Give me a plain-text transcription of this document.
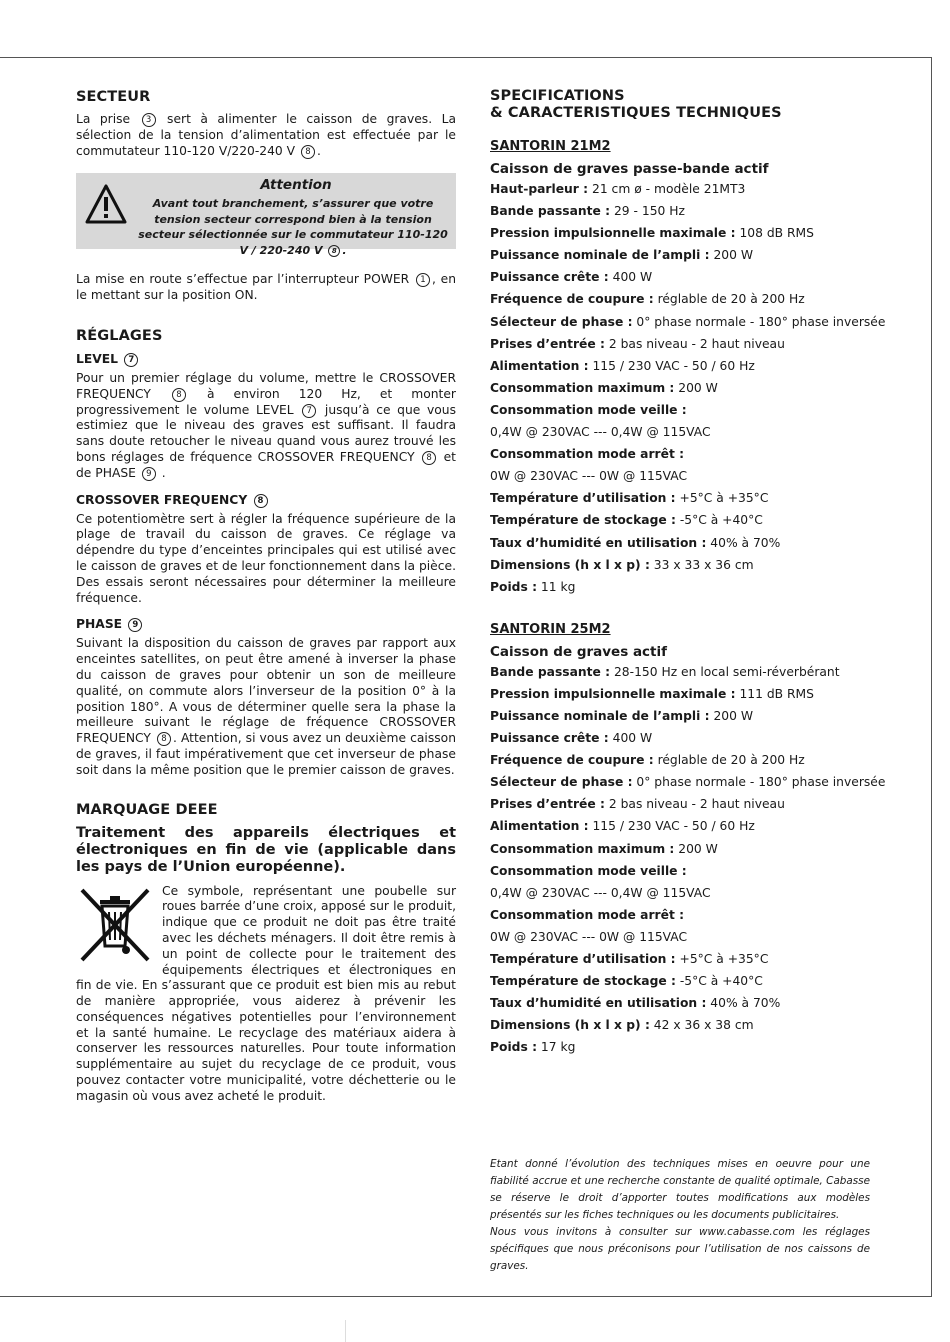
SECTEUR

La prise 3 sert à alimenter le caisson de graves. La sélection de la tension d’alimentation est effectuée par le commutateur 110-120 V/220-240 V 8 .

Attention
Avant tout branchement, s’assurer que votre tension secteur correspond bien à la tension secteur sélectionnée sur le commutateur 110-120 V / 220-240 V 8 .

La mise en route s’effectue par l’interrupteur POWER 1 , en le mettant sur la position ON.

RÉGLAGES
LEVEL 7

Pour un premier réglage du volume, mettre le CROSSOVER FREQUENCY	8 à environ 120 Hz, et monter progressivement le volume LEVEL 7 jusqu’à ce que vous estimiez que le niveau des graves est suffisant. Il faudra sans doute retoucher le niveau quand vous aurez trouvé les bons réglages de fréquence CROSSOVER FREQUENCY 8 et de PHASE 9 .

CROSSOVER FREQUENCY 8

Ce potentiomètre sert à régler la fréquence supérieure de la plage de travail du caisson de graves. Ce réglage va dépendre du type d’enceintes principales qui est utilisé avec le caisson de graves et de leur fonctionnement dans la pièce. Des essais seront nécessaires pour déterminer la meilleure fréquence.

PHASE 9

Suivant la disposition du caisson de graves par rapport aux enceintes satellites, on peut être amené à inverser la phase du caisson de graves pour obtenir un son de meilleure qualité, on commute alors l’inverseur de la position 0° à la position 180°. A vous de déterminer quelle sera la phase la meilleure suivant le réglage de fréquence CROSSOVER FREQUENCY 8 . Attention, si vous avez un deuxième caisson de graves, il faut impérativement que cet inverseur de phase soit dans la même position que le premier caisson de graves.

MARQUAGE DEEE
Traitement des appareils électriques et électroniques en fin de vie (applicable dans les pays de l’Union européenne).

Ce symbole, représentant une poubelle sur roues barrée d’une croix, apposé sur le produit, indique que ce produit ne doit pas être traité avec les déchets ménagers. Il doit être remis à un point de collecte pour le traitement des équipements électriques et électroniques en fin de vie. En s’assurant que ce produit est bien mis au rebut de manière appropriée, vous aiderez à prévenir les conséquences négatives potentielles pour l’environnement et la santé humaine. Le recyclage des matériaux aidera à conserver les ressources naturelles. Pour toute information supplémentaire au sujet du recyclage de ce produit, vous pouvez contacter votre municipalité, votre déchetterie ou le magasin où vous avez acheté le produit.

SPECIFICATIONS
& CARACTERISTIQUES TECHNIQUES
SANTORIN 21M2
Caisson de graves passe-bande actif
Haut-parleur : 21 cm ø - modèle 21MT3
Bande passante : 29 - 150 Hz
Pression impulsionnelle maximale : 108 dB RMS
Puissance nominale de l’ampli : 200 W
Puissance crête : 400 W
Fréquence de coupure : réglable de 20 à 200 Hz
Sélecteur de phase : 0° phase normale - 180° phase inversée
Prises d’entrée : 2 bas niveau - 2 haut niveau
Alimentation : 115 / 230 VAC - 50 / 60 Hz
Consommation maximum : 200 W
Consommation mode veille :
0,4W @ 230VAC --- 0,4W @ 115VAC
Consommation mode arrêt :
0W @ 230VAC --- 0W @ 115VAC
Température d’utilisation : +5°C à +35°C
Température de stockage : -5°C à +40°C
Taux d’humidité en utilisation : 40% à 70%
Dimensions (h x l x p) : 33 x 33 x 36 cm
Poids : 11 kg
SANTORIN 25M2
Caisson de graves actif
Bande passante : 28-150 Hz en local semi-réverbérant
Pression impulsionnelle maximale : 111 dB RMS
Puissance nominale de l’ampli : 200 W
Puissance crête : 400 W
Fréquence de coupure : réglable de 20 à 200 Hz
Sélecteur de phase : 0° phase normale - 180° phase inversée
Prises d’entrée : 2 bas niveau - 2 haut niveau
Alimentation : 115 / 230 VAC - 50 / 60 Hz
Consommation maximum : 200 W
Consommation mode veille :
0,4W @ 230VAC --- 0,4W @ 115VAC
Consommation mode arrêt :
0W @ 230VAC --- 0W @ 115VAC
Température d’utilisation : +5°C à +35°C
Température de stockage : -5°C à +40°C
Taux d’humidité en utilisation : 40% à 70%
Dimensions (h x l x p) : 42 x 36 x 38 cm
Poids : 17 kg
Etant donné l’évolution des techniques mises en oeuvre pour une fiabilité accrue et une recherche constante de qualité optimale, Cabasse se réserve le droit d’apporter toutes modifications aux modèles présentés sur les fiches techniques ou les documents publicitaires.
Nous vous invitons à consulter sur www.cabasse.com les réglages spécifiques que nous préconisons pour l’utilisation de nos caissons de graves.
